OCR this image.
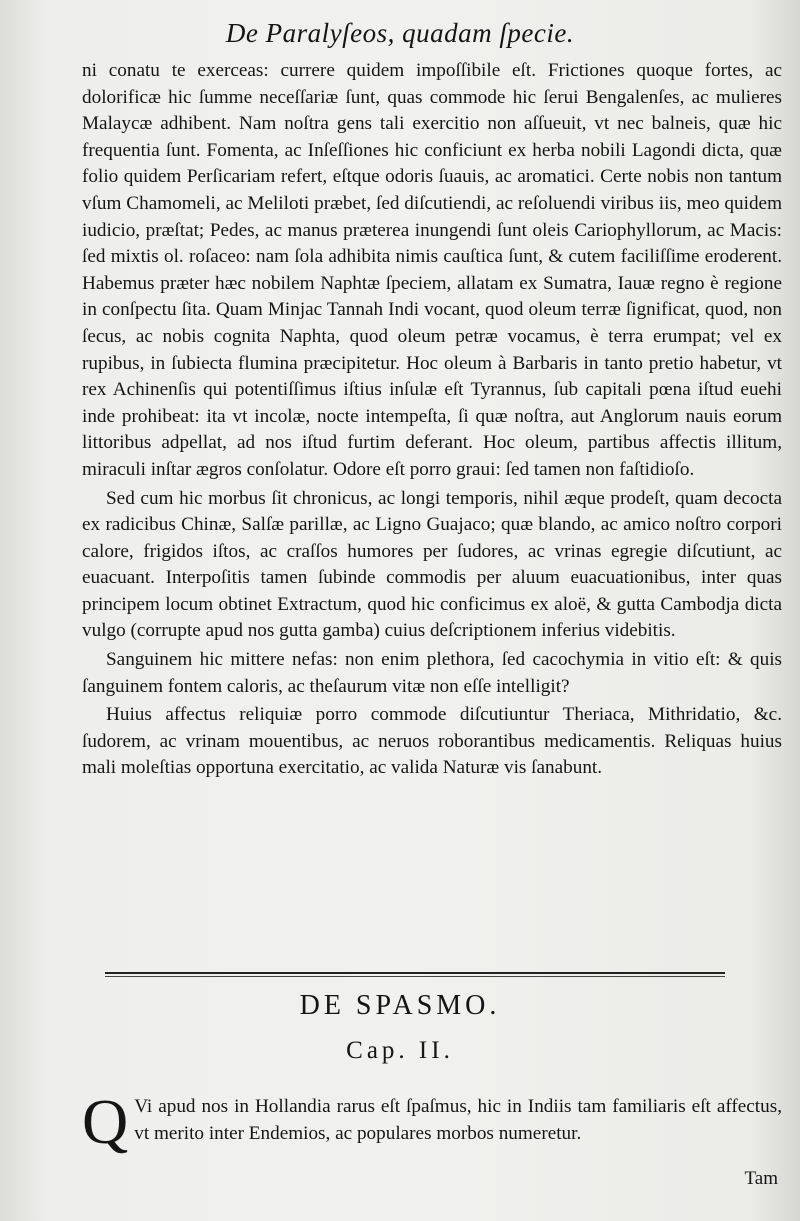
De Paralyſeos, quadam ſpecie.

ni conatu te exerceas: currere quidem impoſſibile eſt. Frictiones quoque fortes, ac dolorificæ hic ſumme neceſſariæ ſunt, quas commode hic ſerui Bengalenſes, ac mulieres Malaycæ adhibent. Nam noſtra gens tali exercitio non aſſueuit, vt nec balneis, quæ hic frequentia ſunt. Fomenta, ac Inſeſſiones hic conficiunt ex herba nobili Lagondi dicta, quæ folio quidem Perſicariam refert, eſtque odoris ſuauis, ac aromatici. Certe nobis non tantum vſum Chamomeli, ac Meliloti præbet, ſed diſcutiendi, ac reſoluendi viribus iis, meo quidem iudicio, præſtat; Pedes, ac manus præterea inungendi ſunt oleis Cariophyllorum, ac Macis: ſed mixtis ol. roſaceo: nam ſola adhibita nimis cauſtica ſunt, & cutem faciliſſime eroderent. Habemus præter hæc nobilem Naphtæ ſpeciem, allatam ex Sumatra, Iauæ regno è regione in conſpectu ſita. Quam Minjac Tannah Indi vocant, quod oleum terræ ſignificat, quod, non ſecus, ac nobis cognita Naphta, quod oleum petræ vocamus, è terra erumpat; vel ex rupibus, in ſubiecta flumina præcipitetur. Hoc oleum à Barbaris in tanto pretio habetur, vt rex Achinenſis qui potentiſſimus iſtius inſulæ eſt Tyrannus, ſub capitali pœna iſtud euehi inde prohibeat: ita vt incolæ, nocte intempeſta, ſi quæ noſtra, aut Anglorum nauis eorum littoribus adpellat, ad nos iſtud furtim deferant. Hoc oleum, partibus affectis illitum, miraculi inſtar ægros conſolatur. Odore eſt porro graui: ſed tamen non faſtidioſo.

Sed cum hic morbus ſit chronicus, ac longi temporis, nihil æque prodeſt, quam decocta ex radicibus Chinæ, Salſæ parillæ, ac Ligno Guajaco; quæ blando, ac amico noſtro corpori calore, frigidos iſtos, ac craſſos humores per ſudores, ac vrinas egregie diſcutiunt, ac euacuant. Interpoſitis tamen ſubinde commodis per aluum euacuationibus, inter quas principem locum obtinet Extractum, quod hic conficimus ex aloë, & gutta Cambodja dicta vulgo (corrupte apud nos gutta gamba) cuius deſcriptionem inferius videbitis.

Sanguinem hic mittere nefas: non enim plethora, ſed cacochymia in vitio eſt: & quis ſanguinem fontem caloris, ac theſaurum vitæ non eſſe intelligit?

Huius affectus reliquiæ porro commode diſcutiuntur Theriaca, Mithridatio, &c. ſudorem, ac vrinam mouentibus, ac neruos roborantibus medicamentis. Reliquas huius mali moleſtias opportuna exercitatio, ac valida Naturæ vis ſanabunt.

DE SPASMO.
Cap. II.
Q Vi apud nos in Hollandia rarus eſt ſpaſmus, hic in Indiis tam familiaris eſt affectus, vt merito inter Endemios, ac populares morbos numeretur.
Tam
